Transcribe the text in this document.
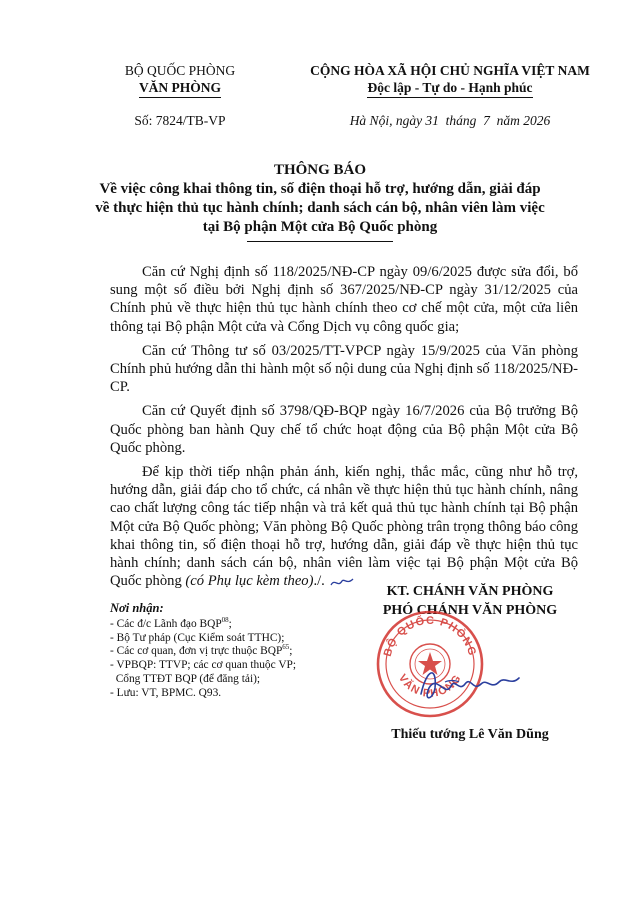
BỘ QUỐC PHÒNG
VĂN PHÒNG
Số: 7824/TB-VP
CỘNG HÒA XÃ HỘI CHỦ NGHĨA VIỆT NAM
Độc lập - Tự do - Hạnh phúc
Hà Nội, ngày 31  tháng  7  năm 2026
THÔNG BÁO
Về việc công khai thông tin, số điện thoại hỗ trợ, hướng dẫn, giải đáp
về thực hiện thủ tục hành chính; danh sách cán bộ, nhân viên làm việc
tại Bộ phận Một cửa Bộ Quốc phòng

Căn cứ Nghị định số 118/2025/NĐ-CP ngày 09/6/2025 được sửa đổi, bổ sung một số điều bởi Nghị định số 367/2025/NĐ-CP ngày 31/12/2025 của Chính phủ về thực hiện thủ tục hành chính theo cơ chế một cửa, một cửa liên thông tại Bộ phận Một cửa và Cổng Dịch vụ công quốc gia;

Căn cứ Thông tư số 03/2025/TT-VPCP ngày 15/9/2025 của Văn phòng Chính phủ hướng dẫn thi hành một số nội dung của Nghị định số 118/2025/NĐ-CP.

Căn cứ Quyết định số 3798/QĐ-BQP ngày 16/7/2026 của Bộ trưởng Bộ Quốc phòng ban hành Quy chế tổ chức hoạt động của Bộ phận Một cửa Bộ Quốc phòng.

Để kịp thời tiếp nhận phản ánh, kiến nghị, thắc mắc, cũng như hỗ trợ, hướng dẫn, giải đáp cho tổ chức, cá nhân về thực hiện thủ tục hành chính, nâng cao chất lượng công tác tiếp nhận và trả kết quả thủ tục hành chính tại Bộ phận Một cửa Bộ Quốc phòng; Văn phòng Bộ Quốc phòng trân trọng thông báo công khai thông tin, số điện thoại hỗ trợ, hướng dẫn, giải đáp về thực hiện thủ tục hành chính; danh sách cán bộ, nhân viên làm việc tại Bộ phận Một cửa Bộ Quốc phòng (có Phụ lục kèm theo)./.

Nơi nhận:
- Các đ/c Lãnh đạo BQP$^{08}$;
- Bộ Tư pháp (Cục Kiểm soát TTHC);
- Các cơ quan, đơn vị trực thuộc BQP$^{65}$;
- VPBQP: TTVP; các cơ quan thuộc VP;
Cổng TTĐT BQP (để đăng tải);
- Lưu: VT, BPMC. Q93.
KT. CHÁNH VĂN PHÒNG
PHÓ CHÁNH VĂN PHÒNG
BỘ QUỐC PHÒNG
VĂN PHÒNG
Thiếu tướng Lê Văn Dũng
